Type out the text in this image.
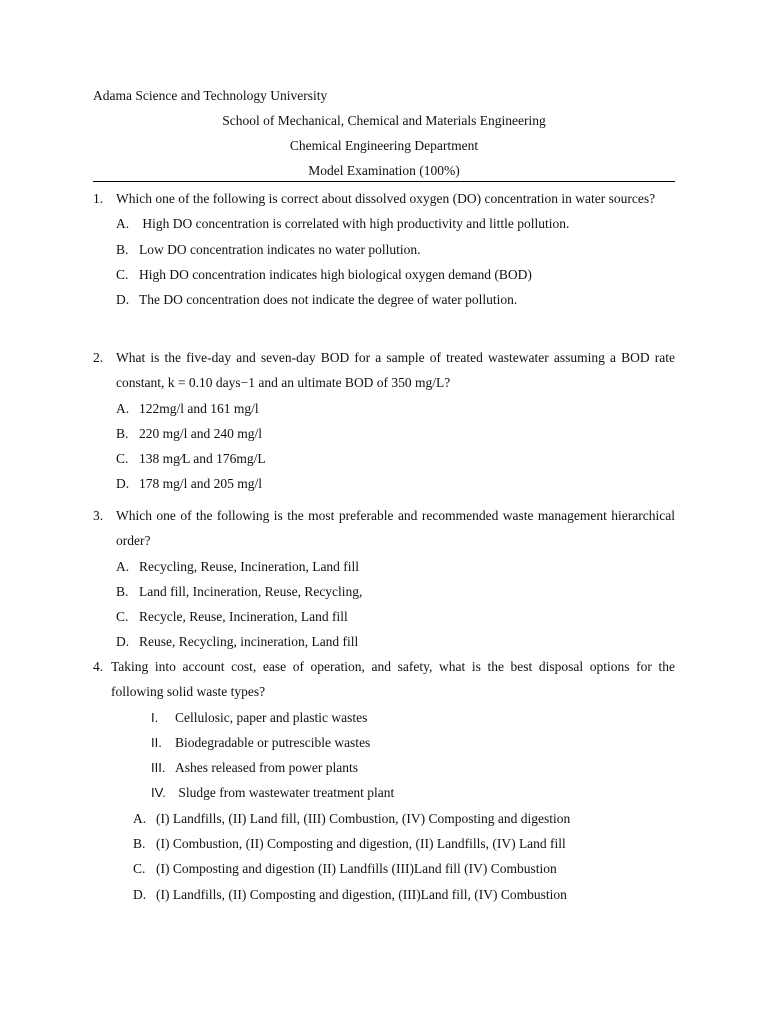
Adama Science and Technology University
School of Mechanical, Chemical and Materials Engineering
Chemical Engineering Department
Model Examination (100%)
1. Which one of the following is correct about dissolved oxygen (DO) concentration in water sources?
A. High DO concentration is correlated with high productivity and little pollution.
B. Low DO concentration indicates no water pollution.
C. High DO concentration indicates high biological oxygen demand (BOD)
D. The DO concentration does not indicate the degree of water pollution.
2. What is the five-day and seven-day BOD for a sample of treated wastewater assuming a BOD rate constant, k = 0.10 days−1 and an ultimate BOD of 350 mg/L?
A. 122mg/l and 161 mg/l
B. 220 mg/l and 240 mg/l
C. 138 mg⁄L and 176mg/L
D. 178 mg/l and 205 mg/l
3. Which one of the following is the most preferable and recommended waste management hierarchical order?
A. Recycling, Reuse, Incineration, Land fill
B. Land fill, Incineration, Reuse, Recycling,
C. Recycle, Reuse, Incineration, Land fill
D. Reuse, Recycling, incineration, Land fill
4. Taking into account cost, ease of operation, and safety, what is the best disposal options for the following solid waste types?
I.	Cellulosic, paper and plastic wastes
II. Biodegradable or putrescible wastes
III. Ashes released from power plants
IV. Sludge from wastewater treatment plant
A. (I) Landfills, (II) Land fill, (III) Combustion, (IV) Composting and digestion
B. (I) Combustion, (II) Composting and digestion, (II) Landfills, (IV) Land fill
C. (I) Composting and digestion (II) Landfills (III)Land fill (IV) Combustion
D. (I) Landfills, (II) Composting and digestion, (III)Land fill, (IV) Combustion
